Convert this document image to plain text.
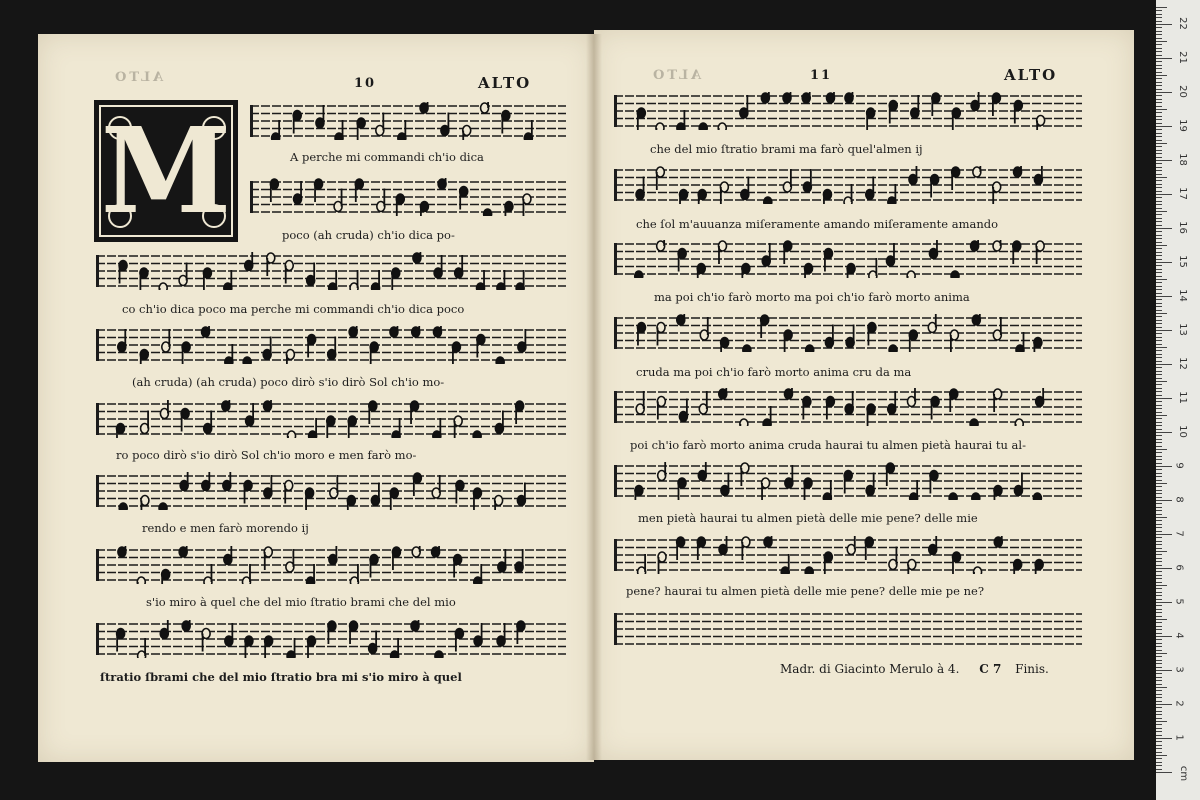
ALTO	10	ALTO
M	A perche mi commandi ch'io dica
poco (ah cruda) ch'io dica po-
co ch'io dica poco ma perche mi commandi ch'io dica poco
(ah cruda) (ah cruda) poco dirò s'io dirò Sol ch'io mo-
ro poco dirò s'io dirò Sol ch'io moro e men farò mo-
rendo e men farò morendo ij
s'io miro à quel che del mio ſtratio brami che del mio
ſtratio ſbrami che del mio ſtratio bra mi s'io miro à quel
ALTO	11	ALTO
che del mio ſtratio brami ma farò quel'almen ij
che ſol m'auuanza miſeramente amando miſeramente amando
ma poi ch'io farò morto ma poi ch'io farò morto anima
cruda ma poi ch'io farò morto anima cru da ma
poi ch'io farò morto anima cruda haurai tu almen pietà haurai tu al-
men pietà haurai tu almen pietà delle mie pene? delle mie
pene? haurai tu almen pietà delle mie pene? delle mie pe ne?
Madr. di Giacinto Merulo à 4. C 7 Finis.
cm
1
2
3
4
5
6
7
8
9
10
11
12
13
14
15
16
17
18
19
20
21
22
